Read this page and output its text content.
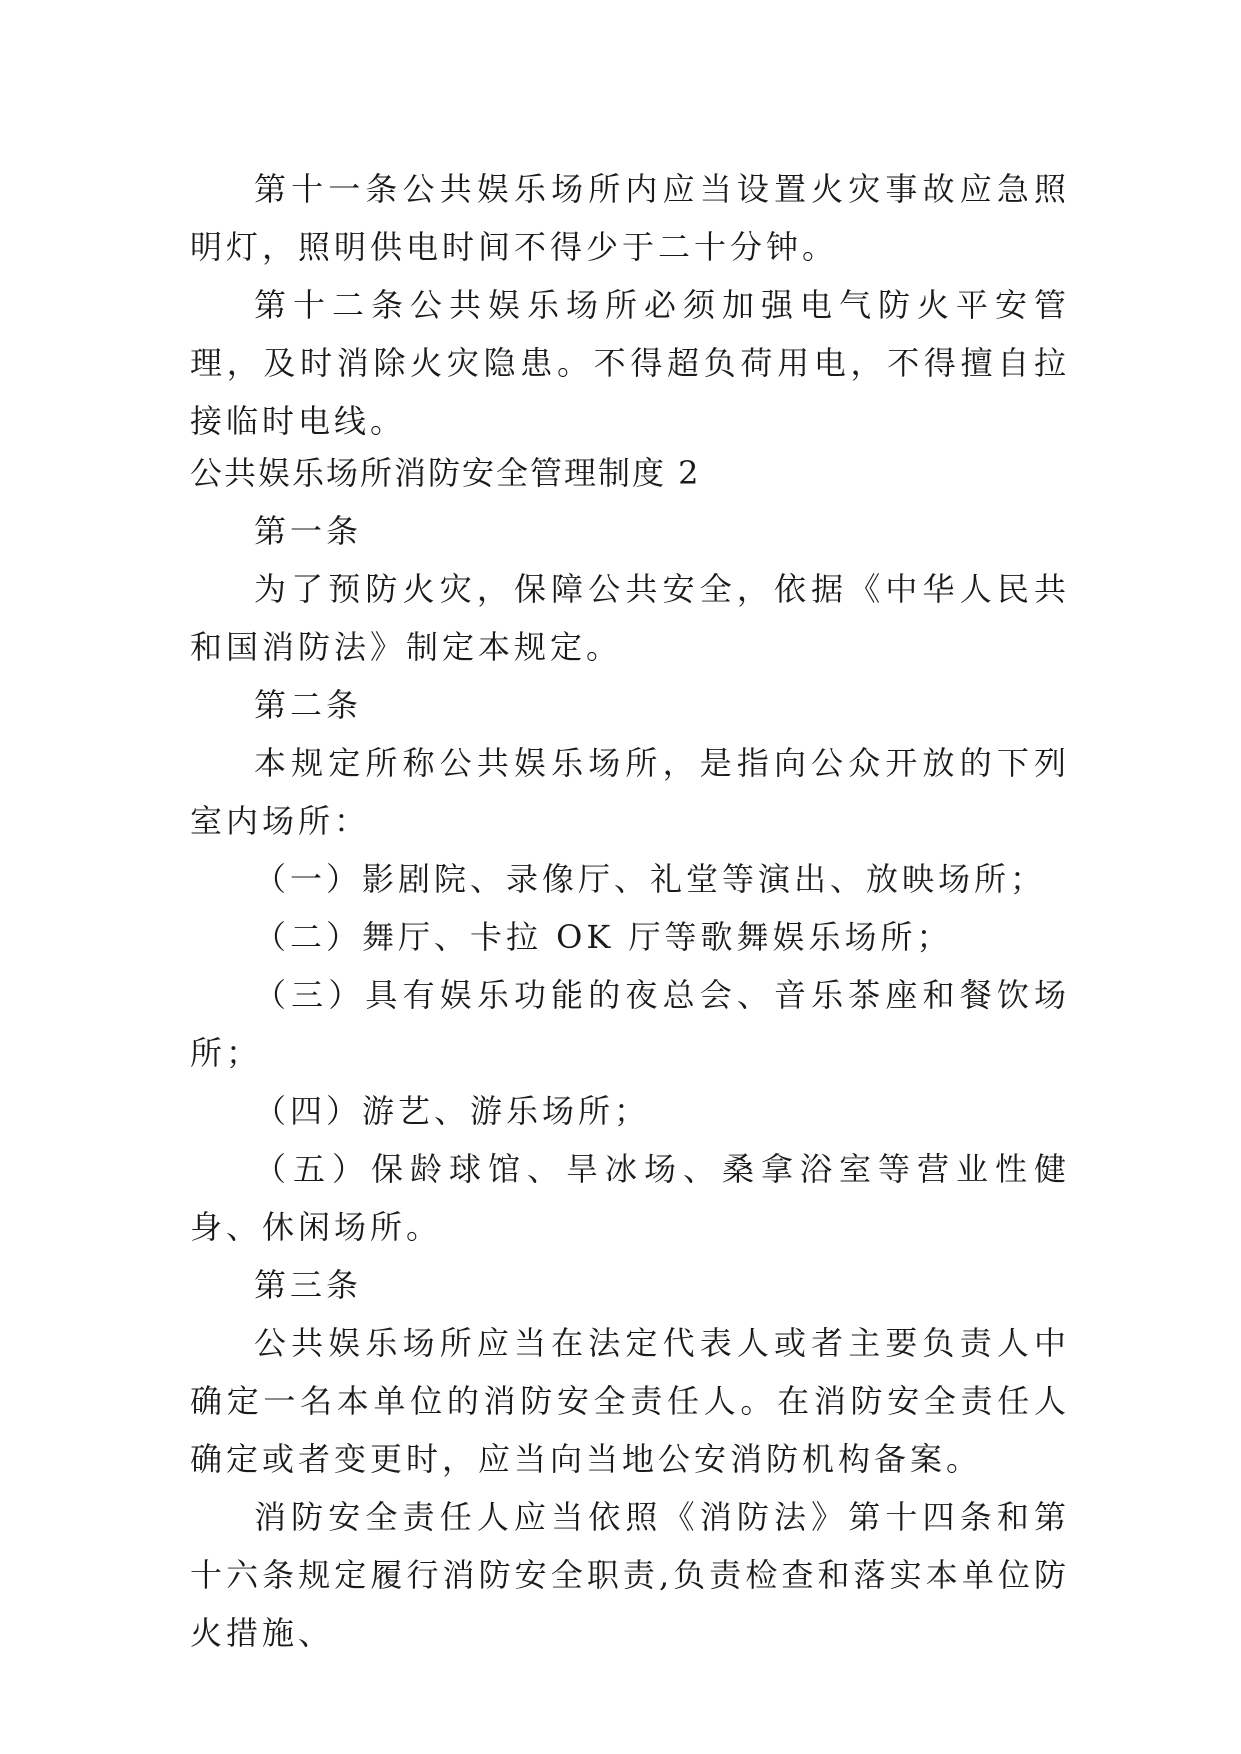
第十一条公共娱乐场所内应当设置火灾事故应急照明灯，照明供电时间不得少于二十分钟。

第十二条公共娱乐场所必须加强电气防火平安管理，及时消除火灾隐患。不得超负荷用电，不得擅自拉接临时电线。

公共娱乐场所消防安全管理制度 2

第一条

为了预防火灾，保障公共安全，依据《中华人民共和国消防法》制定本规定。

第二条

本规定所称公共娱乐场所，是指向公众开放的下列室内场所：

（一）影剧院、录像厅、礼堂等演出、放映场所；

（二）舞厅、卡拉 OK 厅等歌舞娱乐场所；

（三）具有娱乐功能的夜总会、音乐茶座和餐饮场所；

（四）游艺、游乐场所；

（五）保龄球馆、旱冰场、桑拿浴室等营业性健身、休闲场所。

第三条

公共娱乐场所应当在法定代表人或者主要负责人中确定一名本单位的消防安全责任人。在消防安全责任人确定或者变更时，应当向当地公安消防机构备案。

消防安全责任人应当依照《消防法》第十四条和第十六条规定履行消防安全职责,负责检查和落实本单位防火措施、
